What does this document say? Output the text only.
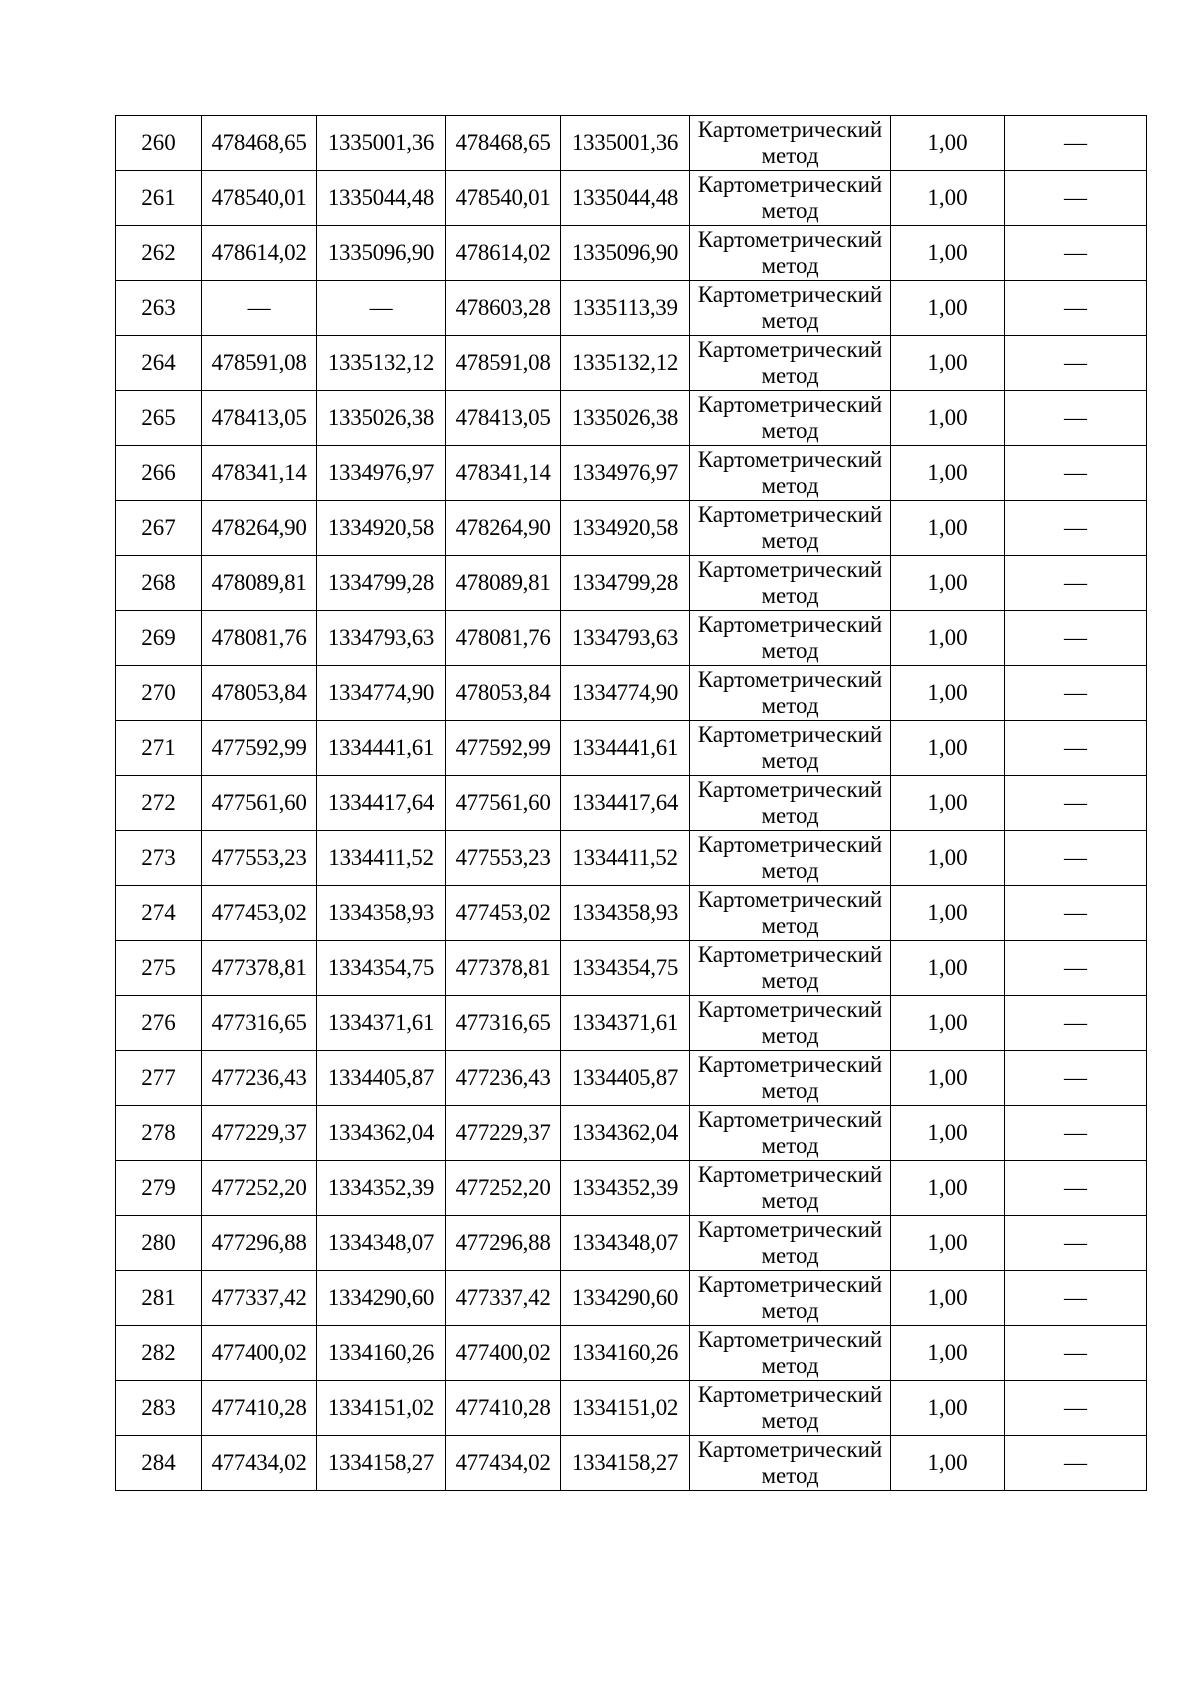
260	478468,65	1335001,36	478468,65	1335001,36	Картометрический
метод	1,00	—
261	478540,01	1335044,48	478540,01	1335044,48	Картометрический
метод	1,00	—
262	478614,02	1335096,90	478614,02	1335096,90	Картометрический
метод	1,00	—
263	—	—	478603,28	1335113,39	Картометрический
метод	1,00	—
264	478591,08	1335132,12	478591,08	1335132,12	Картометрический
метод	1,00	—
265	478413,05	1335026,38	478413,05	1335026,38	Картометрический
метод	1,00	—
266	478341,14	1334976,97	478341,14	1334976,97	Картометрический
метод	1,00	—
267	478264,90	1334920,58	478264,90	1334920,58	Картометрический
метод	1,00	—
268	478089,81	1334799,28	478089,81	1334799,28	Картометрический
метод	1,00	—
269	478081,76	1334793,63	478081,76	1334793,63	Картометрический
метод	1,00	—
270	478053,84	1334774,90	478053,84	1334774,90	Картометрический
метод	1,00	—
271	477592,99	1334441,61	477592,99	1334441,61	Картометрический
метод	1,00	—
272	477561,60	1334417,64	477561,60	1334417,64	Картометрический
метод	1,00	—
273	477553,23	1334411,52	477553,23	1334411,52	Картометрический
метод	1,00	—
274	477453,02	1334358,93	477453,02	1334358,93	Картометрический
метод	1,00	—
275	477378,81	1334354,75	477378,81	1334354,75	Картометрический
метод	1,00	—
276	477316,65	1334371,61	477316,65	1334371,61	Картометрический
метод	1,00	—
277	477236,43	1334405,87	477236,43	1334405,87	Картометрический
метод	1,00	—
278	477229,37	1334362,04	477229,37	1334362,04	Картометрический
метод	1,00	—
279	477252,20	1334352,39	477252,20	1334352,39	Картометрический
метод	1,00	—
280	477296,88	1334348,07	477296,88	1334348,07	Картометрический
метод	1,00	—
281	477337,42	1334290,60	477337,42	1334290,60	Картометрический
метод	1,00	—
282	477400,02	1334160,26	477400,02	1334160,26	Картометрический
метод	1,00	—
283	477410,28	1334151,02	477410,28	1334151,02	Картометрический
метод	1,00	—
284	477434,02	1334158,27	477434,02	1334158,27	Картометрический
метод	1,00	—
